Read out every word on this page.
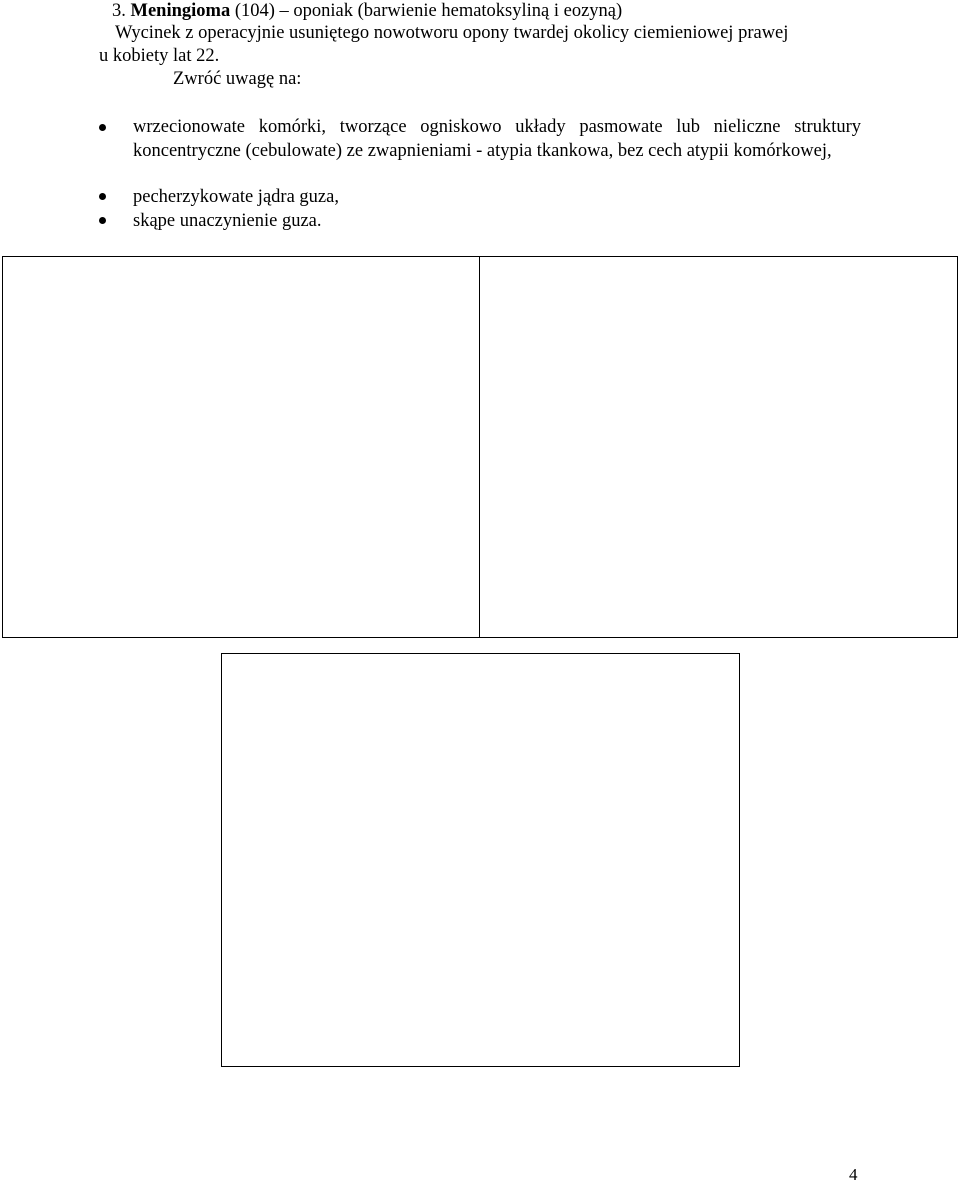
3. Meningioma (104) – oponiak (barwienie hematoksyliną i eozyną)
Wycinek z operacyjnie usuniętego nowotworu opony twardej okolicy ciemieniowej prawej
u kobiety lat 22.
Zwróć uwagę na:
wrzecionowate komórki, tworzące ogniskowo układy pasmowate lub nieliczne struktury koncentryczne (cebulowate) ze zwapnieniami - atypia tkankowa, bez cech atypii komórkowej,
pecherzykowate jądra guza,
skąpe unaczynienie guza.
4
